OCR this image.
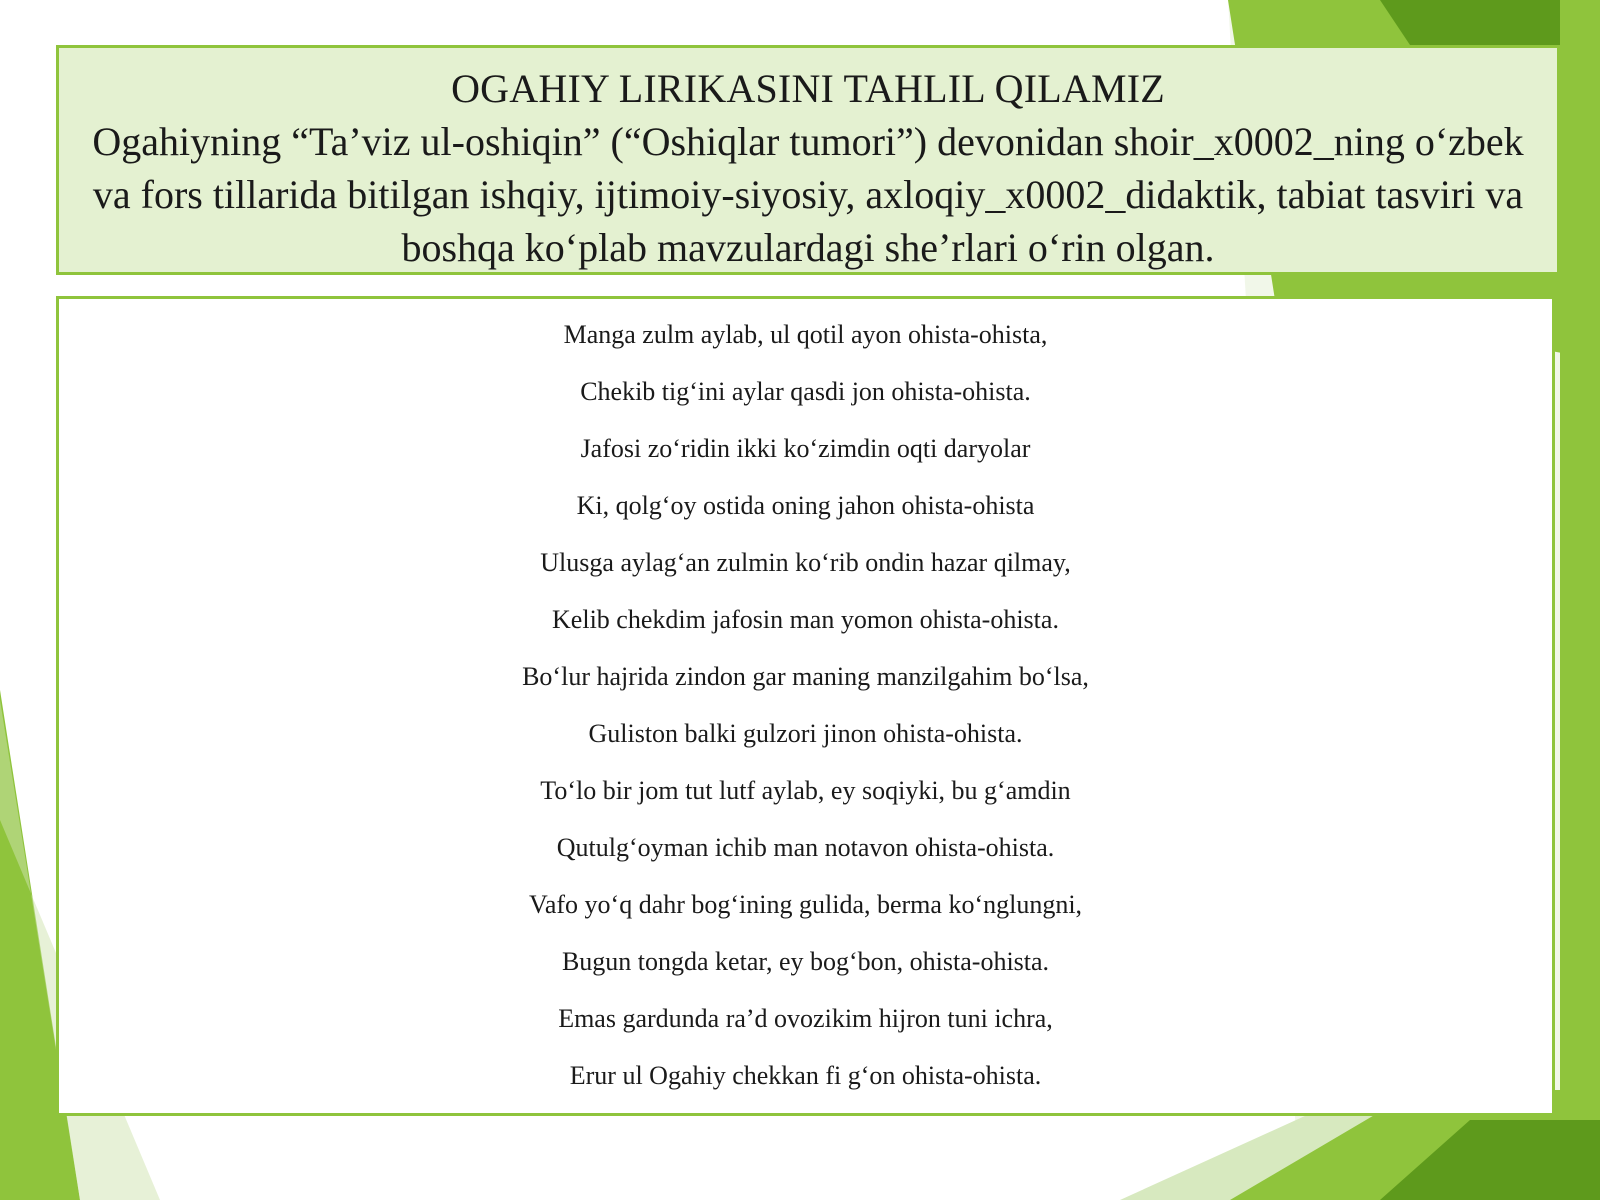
OGAHIY LIRIKASINI TAHLIL QILAMIZ
Ogahiyning “Ta’viz ul-oshiqin” (“Oshiqlar tumori”) devonidan shoir_x0002_ning o‘zbek va fors tillarida bitilgan ishqiy, ijtimoiy-siyosiy, axloqiy_x0002_didaktik, tabiat tasviri va boshqa ko‘plab mavzulardagi she’rlari o‘rin olgan.
Manga zulm aylab, ul qotil ayon ohista-ohista,
Chekib tig‘ini aylar qasdi jon ohista-ohista.
Jafosi zo‘ridin ikki ko‘zimdin oqti daryolar
Ki, qolg‘oy ostida oning jahon ohista-ohista
Ulusga aylag‘an zulmin ko‘rib ondin hazar qilmay,
Kelib chekdim jafosin man yomon ohista-ohista.
Bo‘lur hajrida zindon gar maning manzilgahim bo‘lsa,
Guliston balki gulzori jinon ohista-ohista.
To‘lo bir jom tut lutf aylab, ey soqiyki, bu g‘amdin
Qutulg‘oyman ichib man notavon ohista-ohista.
Vafo yo‘q dahr bog‘ining gulida, berma ko‘nglungni,
Bugun tongda ketar, ey bog‘bon, ohista-ohista.
Emas gardunda ra’d ovozikim hijron tuni ichra,
Erur ul Ogahiy chekkan fi g‘on ohista-ohista.
